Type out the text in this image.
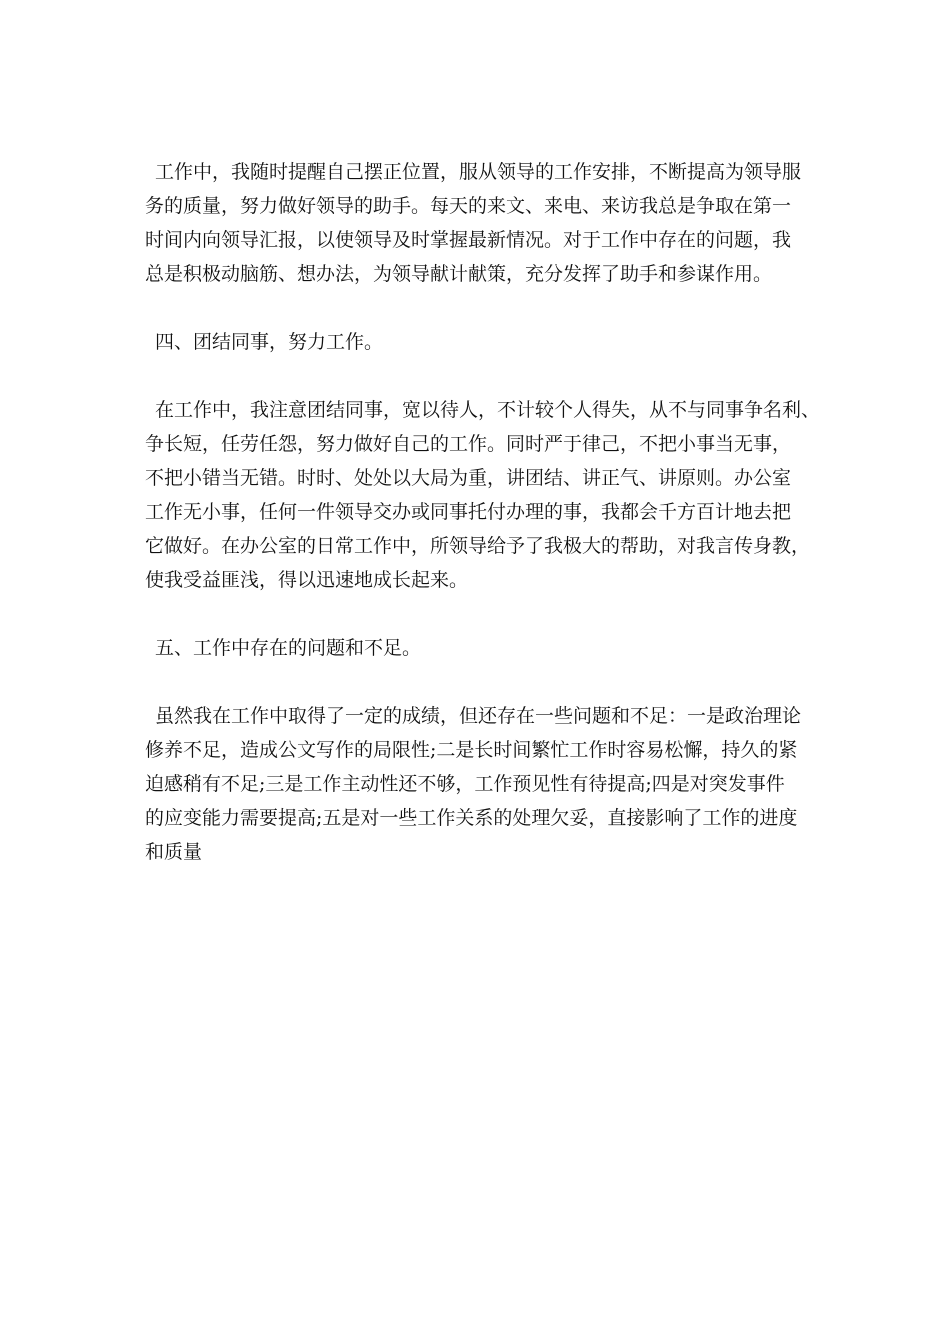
工作中，我随时提醒自己摆正位置，服从领导的工作安排，不断提高为领导服
务的质量，努力做好领导的助手。每天的来文、来电、来访我总是争取在第一
时间内向领导汇报，以使领导及时掌握最新情况。对于工作中存在的问题，我
总是积极动脑筋、想办法，为领导献计献策，充分发挥了助手和参谋作用。
四、团结同事，努力工作。
在工作中，我注意团结同事，宽以待人，不计较个人得失，从不与同事争名利、
争长短，任劳任怨，努力做好自己的工作。同时严于律己，不把小事当无事，
不把小错当无错。时时、处处以大局为重，讲团结、讲正气、讲原则。办公室
工作无小事，任何一件领导交办或同事托付办理的事，我都会千方百计地去把
它做好。在办公室的日常工作中，所领导给予了我极大的帮助，对我言传身教，
使我受益匪浅，得以迅速地成长起来。
五、工作中存在的问题和不足。
虽然我在工作中取得了一定的成绩，但还存在一些问题和不足：一是政治理论
修养不足，造成公文写作的局限性;二是长时间繁忙工作时容易松懈，持久的紧
迫感稍有不足;三是工作主动性还不够，工作预见性有待提高;四是对突发事件
的应变能力需要提高;五是对一些工作关系的处理欠妥，直接影响了工作的进度
和质量
